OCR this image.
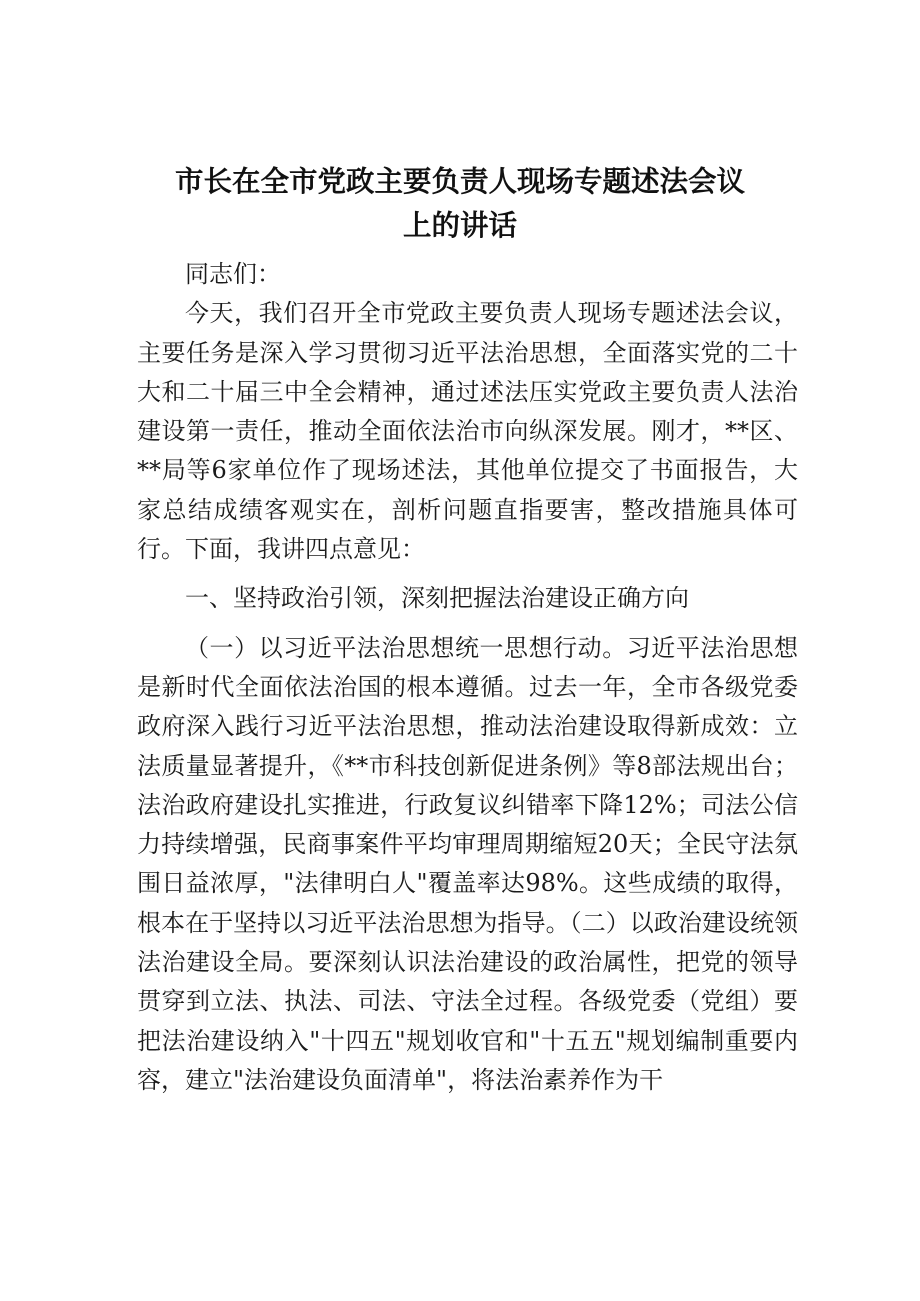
市长在全市党政主要负责人现场专题述法会议
上的讲话

同志们：

今天，我们召开全市党政主要负责人现场专题述法会议，主要任务是深入学习贯彻习近平法治思想，全面落实党的二十大和二十届三中全会精神，通过述法压实党政主要负责人法治建设第一责任，推动全面依法治市向纵深发展。刚才，**区、**局等6家单位作了现场述法，其他单位提交了书面报告，大家总结成绩客观实在，剖析问题直指要害，整改措施具体可行。下面，我讲四点意见：

一、坚持政治引领，深刻把握法治建设正确方向

（一）以习近平法治思想统一思想行动。习近平法治思想是新时代全面依法治国的根本遵循。过去一年，全市各级党委政府深入践行习近平法治思想，推动法治建设取得新成效：立法质量显著提升，《**市科技创新促进条例》等8部法规出台；法治政府建设扎实推进，行政复议纠错率下降12%；司法公信力持续增强，民商事案件平均审理周期缩短20天；全民守法氛围日益浓厚，"法律明白人"覆盖率达98%。这些成绩的取得，根本在于坚持以习近平法治思想为指导。（二）以政治建设统领法治建设全局。要深刻认识法治建设的政治属性，把党的领导贯穿到立法、执法、司法、守法全过程。各级党委（党组）要把法治建设纳入"十四五"规划收官和"十五五"规划编制重要内容，建立"法治建设负面清单"，将法治素养作为干
